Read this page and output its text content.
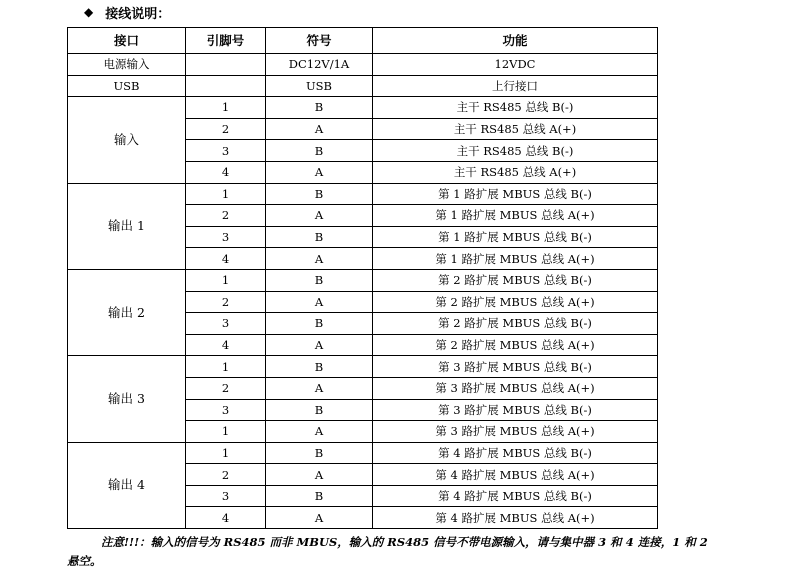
◆ 接线说明：
接口	引脚号	符号	功能
电源输入		DC12V/1A	12VDC
USB		USB	上行接口
输入	1	B	主干 RS485 总线 B(-)
	2	A	主干 RS485 总线 A(+)
	3	B	主干 RS485 总线 B(-)
	4	A	主干 RS485 总线 A(+)
输出 1	1	B	第 1 路扩展 MBUS 总线 B(-)
	2	A	第 1 路扩展 MBUS 总线 A(+)
	3	B	第 1 路扩展 MBUS 总线 B(-)
	4	A	第 1 路扩展 MBUS 总线 A(+)
输出 2	1	B	第 2 路扩展 MBUS 总线 B(-)
	2	A	第 2 路扩展 MBUS 总线 A(+)
	3	B	第 2 路扩展 MBUS 总线 B(-)
	4	A	第 2 路扩展 MBUS 总线 A(+)
输出 3	1	B	第 3 路扩展 MBUS 总线 B(-)
	2	A	第 3 路扩展 MBUS 总线 A(+)
	3	B	第 3 路扩展 MBUS 总线 B(-)
	1	A	第 3 路扩展 MBUS 总线 A(+)
输出 4	1	B	第 4 路扩展 MBUS 总线 B(-)
	2	A	第 4 路扩展 MBUS 总线 A(+)
	3	B	第 4 路扩展 MBUS 总线 B(-)
	4	A	第 4 路扩展 MBUS 总线 A(+)
注意!!!：输入的信号为 RS485 而非 MBUS，输入的 RS485 信号不带电源输入，请与集中器 3 和 4 连接，1 和 2 悬空。
